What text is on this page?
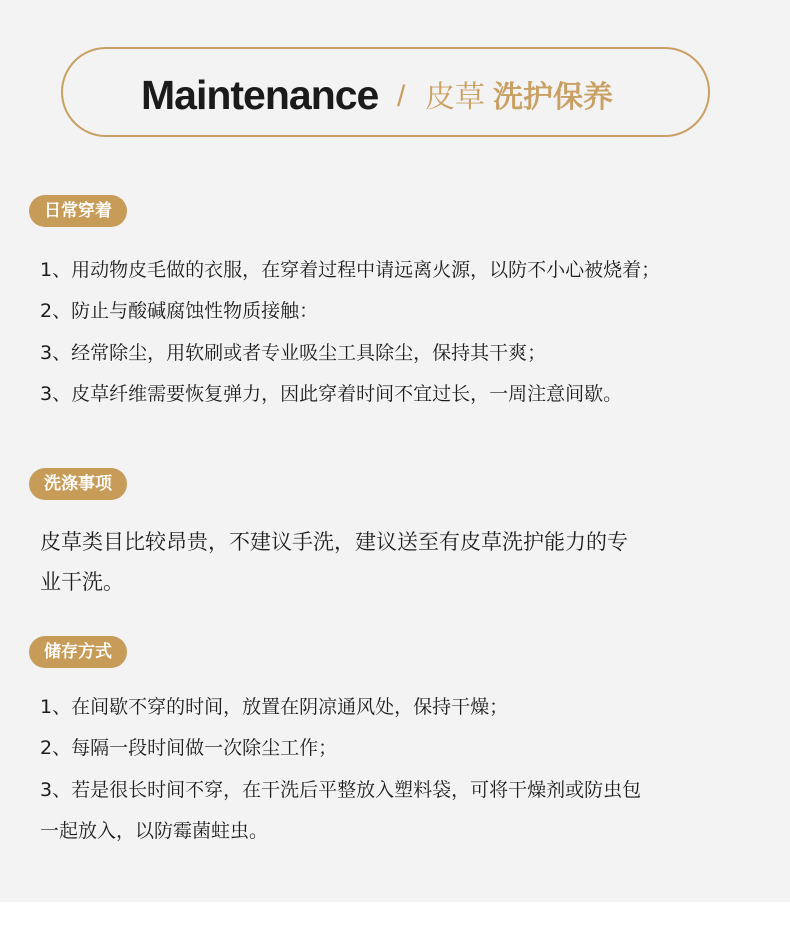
Maintenance / 皮草 洗护保养
日常穿着
1、用动物皮毛做的衣服，在穿着过程中请远离火源，以防不小心被烧着；
2、防止与酸碱腐蚀性物质接触：
3、经常除尘，用软刷或者专业吸尘工具除尘，保持其干爽；
3、皮草纤维需要恢复弹力，因此穿着时间不宜过长，一周注意间歇。
洗涤事项
皮草类目比较昂贵，不建议手洗，建议送至有皮草洗护能力的专
业干洗。
储存方式
1、在间歇不穿的时间，放置在阴凉通风处，保持干燥；
2、每隔一段时间做一次除尘工作；
3、若是很长时间不穿，在干洗后平整放入塑料袋，可将干燥剂或防虫包
一起放入，以防霉菌蛀虫。
